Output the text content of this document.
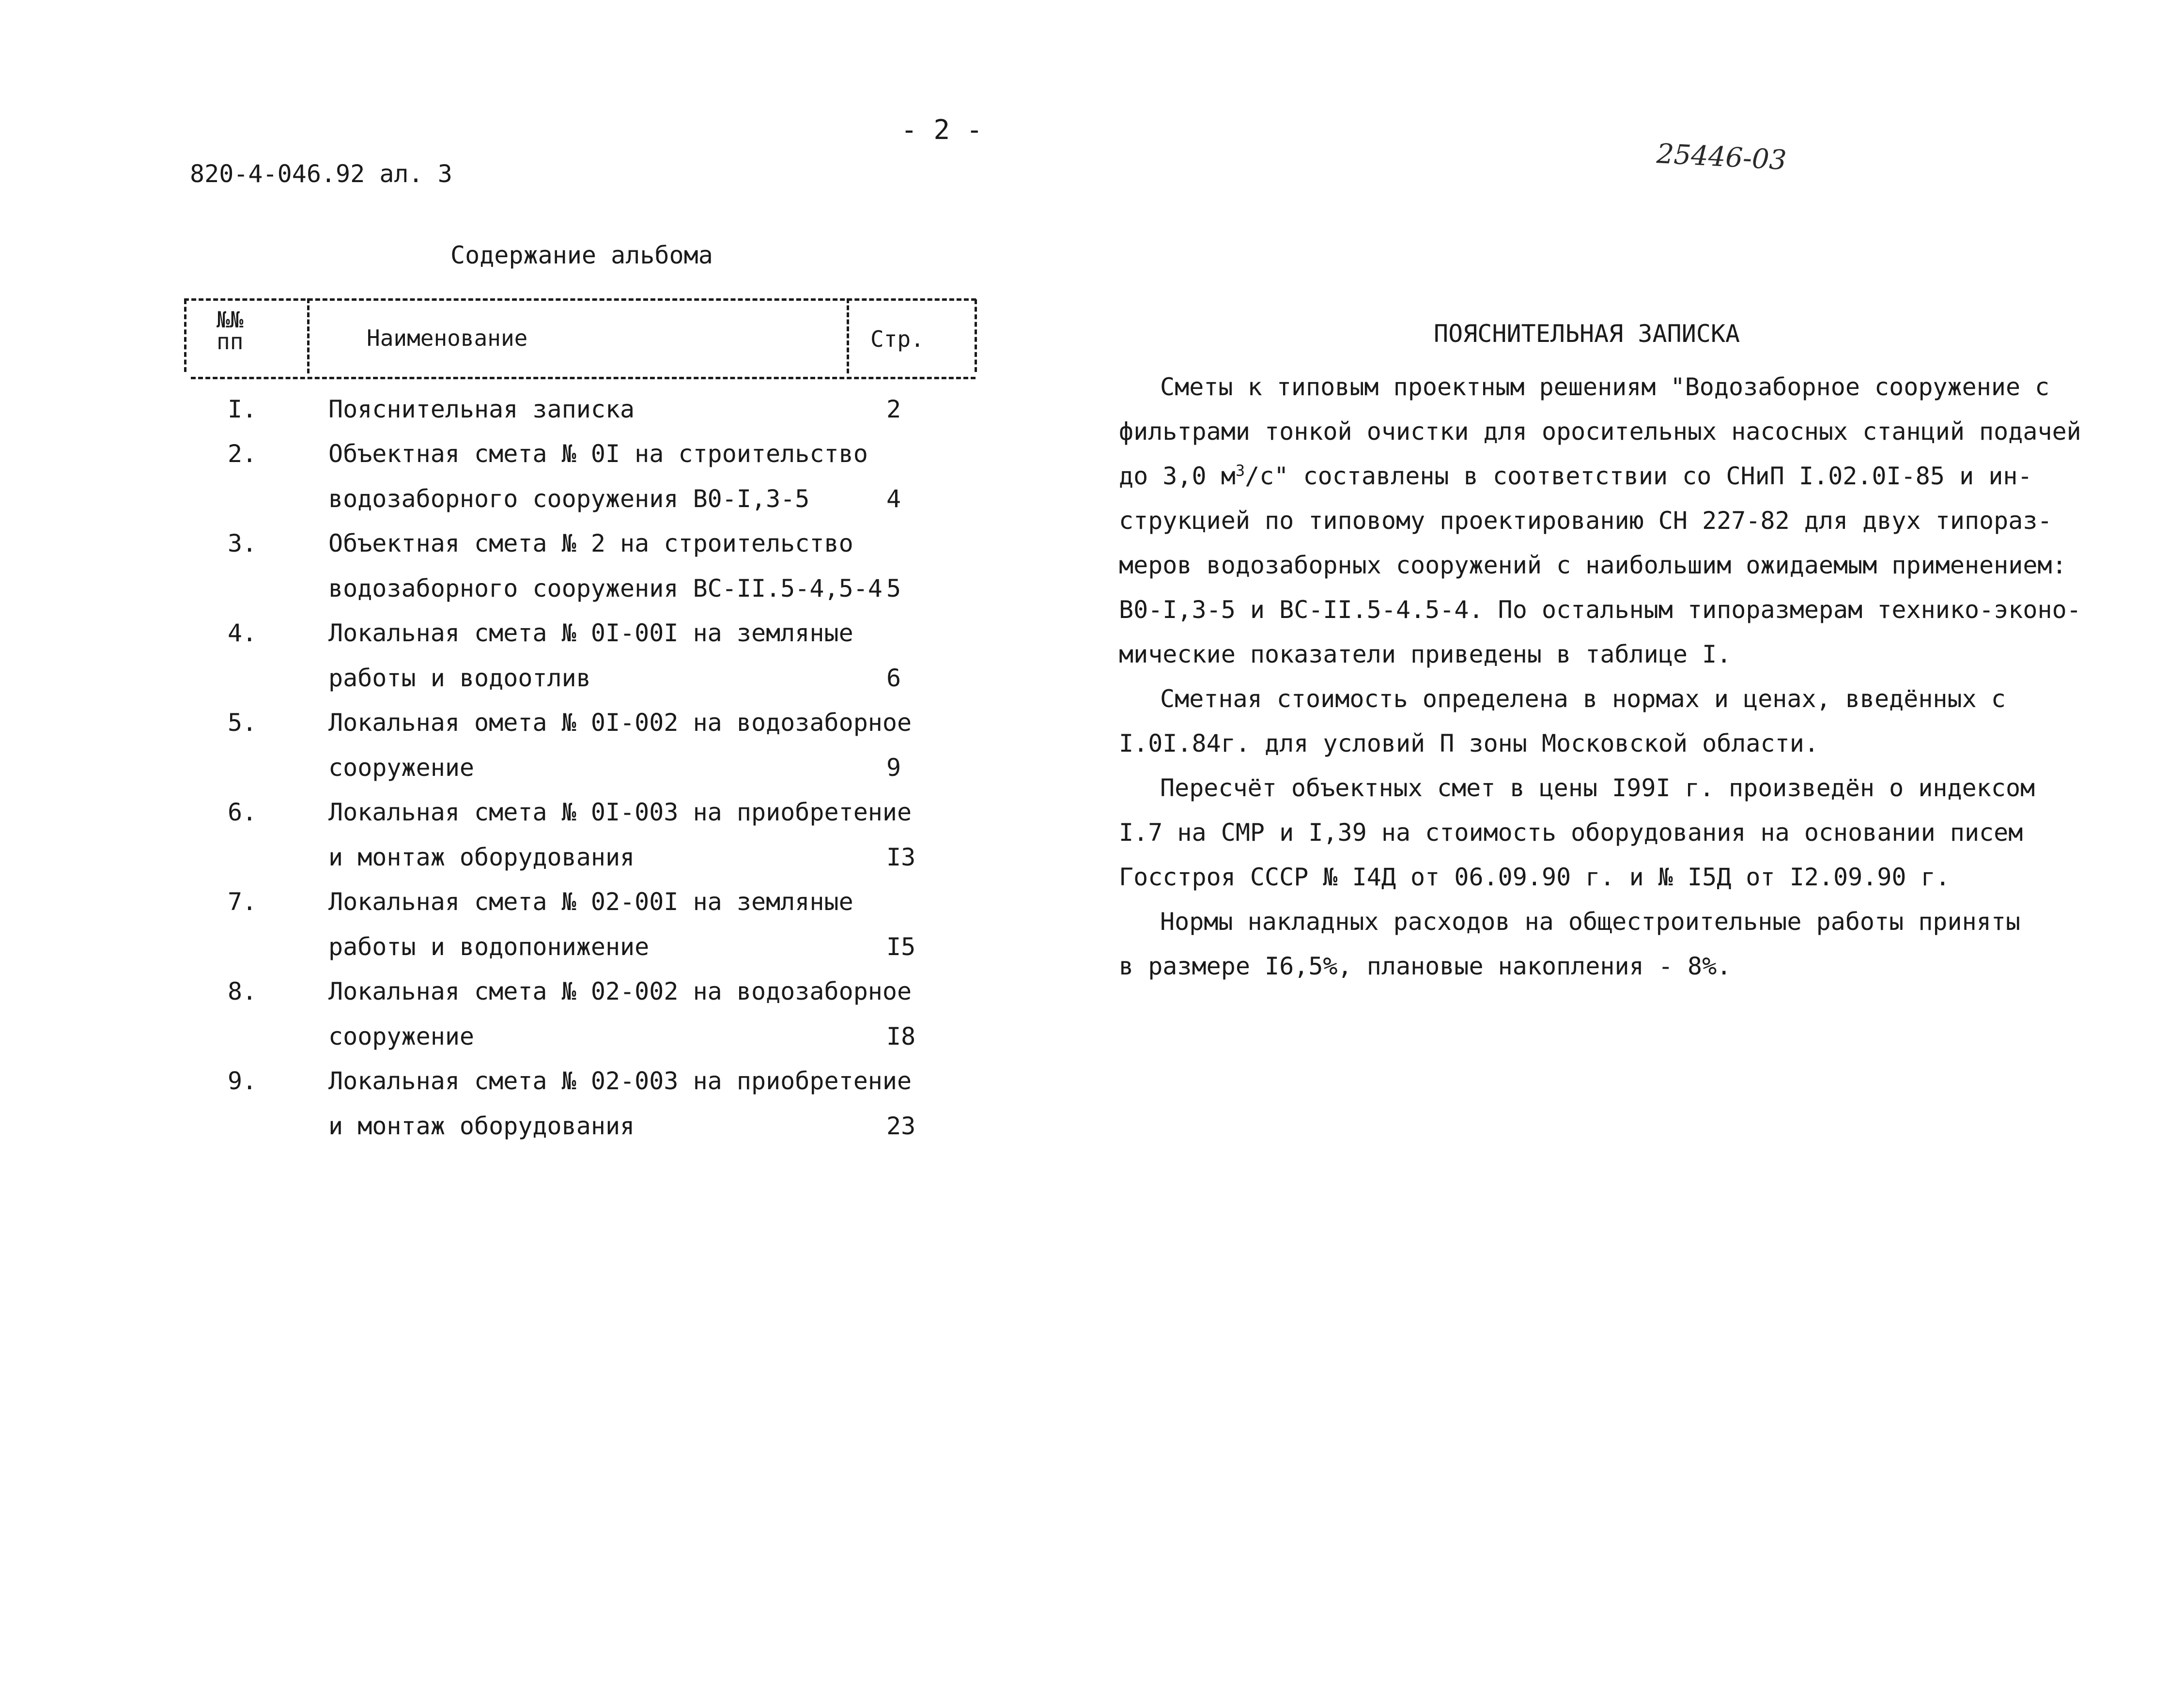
- 2 -
820-4-046.92 ал. 3	25446-03
Содержание альбома
№№
пп	Наименование	Стр.
I.	Пояснительная записка	2
2.	Объектная смета № 0I на строительство
водозаборного сооружения В0-I,3-5	4
3.	Объектная смета № 2 на строительство
водозаборного сооружения ВС-II.5-4,5-4 5
4.	Локальная смета № 0I-00I на земляные
работы и водоотлив	6
5.	Локальная омета № 0I-002 на водозаборное
сооружение	9
6.	Локальная смета № 0I-003 на приобретение
и монтаж оборудования	I3
7.	Локальная смета № 02-00I на земляные
работы и водопонижение	I5
8.	Локальная смета № 02-002 на водозаборное
сооружение	I8
9.	Локальная смета № 02-003 на приобретение
и монтаж оборудования	23
ПОЯСНИТЕЛЬНАЯ ЗАПИСКА
Сметы к типовым проектным решениям "Водозаборное сооружение с
фильтрами тонкой очистки для оросительных насосных станций подачей
до 3,0 $м^3/с$" составлены в соответствии со СНиП I.02.0I-85 и ин-
струкцией по типовому проектированию СН 227-82 для двух типораз-
меров водозаборных сооружений с наибольшим ожидаемым применением:
В0-I,3-5 и ВС-II.5-4.5-4. По остальным типоразмерам технико-эконо-
мические показатели приведены в таблице I.
Сметная стоимость определена в нормах и ценах, введённых с
I.0I.84г. для условий П зоны Московской области.
Пересчёт объектных смет в цены I99I г. произведён о индексом
I.7 на СМР и I,39 на стоимость оборудования на основании писем
Госстроя СССР № I4Д от 06.09.90 г. и № I5Д от I2.09.90 г.
Нормы накладных расходов на общестроительные работы приняты
в размере I6,5%, плановые накопления - 8%.
